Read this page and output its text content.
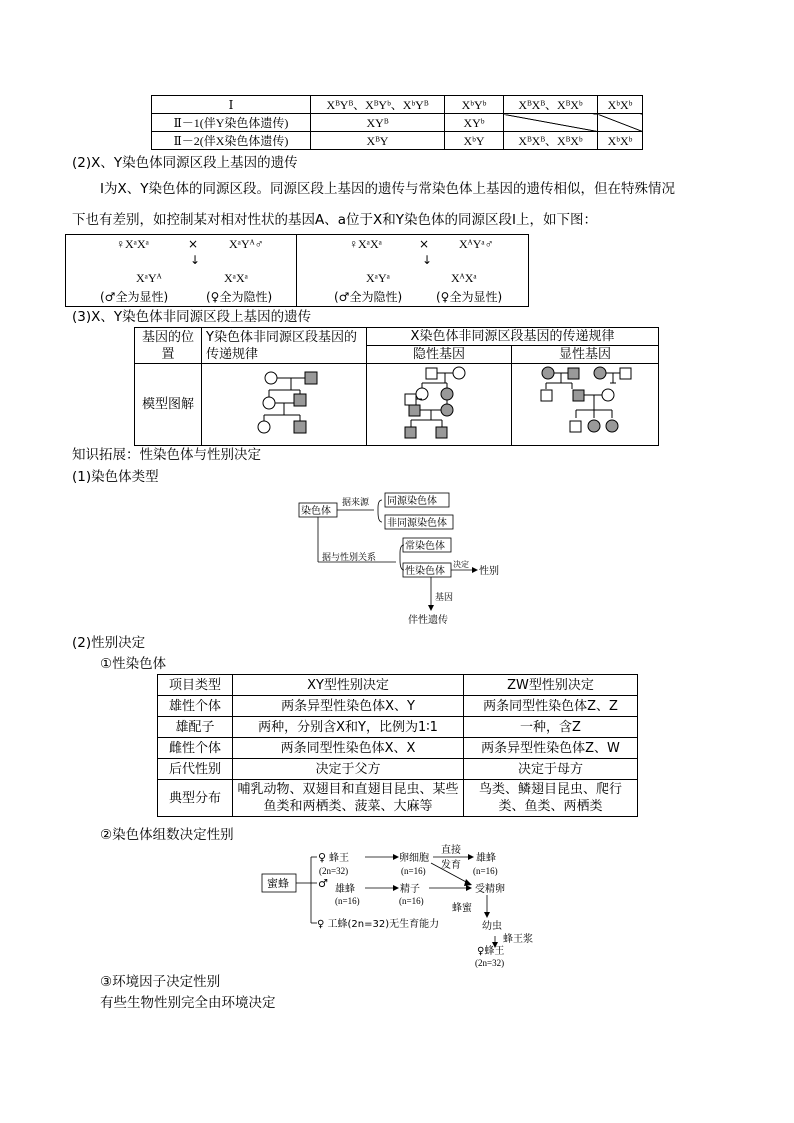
Ⅰ	XᴮYᴮ、XᴮYᵇ、XᵇYᴮ	XᵇYᵇ	XᴮXᴮ、XᴮXᵇ	XᵇXᵇ
Ⅱ－1(伴Y染色体遗传)	XYᴮ	XYᵇ		
Ⅱ－2(伴X染色体遗传)	XᴮY	XᵇY	XᴮXᴮ、XᴮXᵇ	XᵇXᵇ
(2)X、Y染色体同源区段上基因的遗传
Ⅰ为X、Y染色体的同源区段。同源区段上基因的遗传与常染色体上基因的遗传相似，但在特殊情况
下也有差别，如控制某对相对性状的基因A、a位于X和Y染色体的同源区段Ⅰ上，如下图：
♀XᵃXᵃ	×	XᵃYᴬ♂
↓
XᵃYᴬ	XᵃXᵃ
(♂全为显性)	(♀全为隐性)
♀XᵃXᵃ	× XᴬYᵃ♂
↓
XᵃYᵃ	XᴬXᵃ
(♂全为隐性)	(♀全为显性)
(3)X、Y染色体非同源区段上基因的遗传
基因的位置	Y染色体非同源区段基因的传递规律	X染色体非同源区段基因的传递规律	
		隐性基因	显性基因
模型图解			
知识拓展：性染色体与性别决定
(1)染色体类型
染色体
据来源 同源染色体
非同源染色体
据与性别关系
常染色体
性染色体
决定
性别
基因
伴性遗传
(2)性别决定
①性染色体
项目类型	XY型性别决定	ZW型性别决定
雄性个体	两条异型性染色体X、Y	两条同型性染色体Z、Z
雄配子	两种，分别含X和Y，比例为1∶1	一种，含Z
雌性个体	两条同型性染色体X、X	两条异型性染色体Z、W
后代性别	决定于父方	决定于母方
典型分布	哺乳动物、双翅目和直翅目昆虫、某些鱼类和两栖类、菠菜、大麻等	鸟类、鳞翅目昆虫、爬行类、鱼类、两栖类
②染色体组数决定性别
蜜蜂
♀ 蜂王
(2n=32)
♂ 雄蜂
(n=16)
卵细胞
(n=16)
直接
发育
雄蜂
(n=16)
精子
(n=16)
受精卵
蜂蜜
幼虫
蜂王浆
♀ 工蜂(2n=32)无生育能力
♀蜂王
(2n=32)
③环境因子决定性别
有些生物性别完全由环境决定
